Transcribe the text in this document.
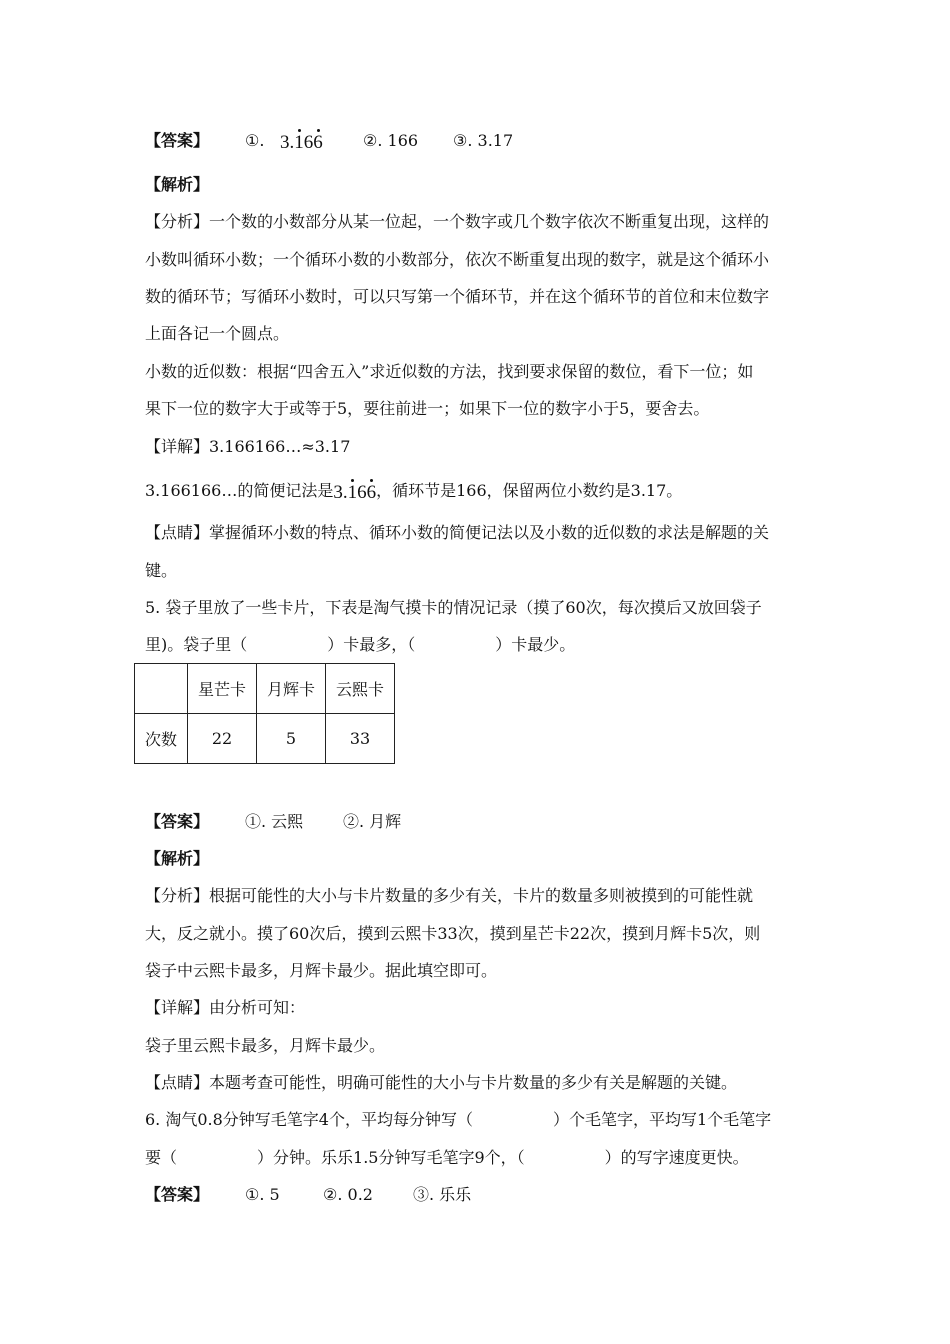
【答案】 ①. 3.166	②. 166 ③. 3.17
【解析】
【分析】一个数的小数部分从某一位起，一个数字或几个数字依次不断重复出现，这样的
小数叫循环小数；一个循环小数的小数部分，依次不断重复出现的数字，就是这个循环小
数的循环节；写循环小数时，可以只写第一个循环节，并在这个循环节的首位和末位数字
上面各记一个圆点。
小数的近似数：根据“四舍五入”求近似数的方法，找到要求保留的数位，看下一位；如
果下一位的数字大于或等于5，要往前进一；如果下一位的数字小于5，要舍去。
【详解】3.166166…≈3.17
3.166166…的简便记法是3.166，循环节是166，保留两位小数约是3.17。
【点睛】掌握循环小数的特点、循环小数的简便记法以及小数的近似数的求法是解题的关
键。
5. 袋子里放了一些卡片，下表是淘气摸卡的情况记录（摸了60次，每次摸后又放回袋子
里)。袋子里（	）卡最多，（	）卡最少。
	星芒卡	月辉卡	云熙卡
次数	22	5	33
【答案】 ①. 云熙 ②. 月辉
【解析】
【分析】根据可能性的大小与卡片数量的多少有关，卡片的数量多则被摸到的可能性就
大，反之就小。摸了60次后，摸到云熙卡33次，摸到星芒卡22次，摸到月辉卡5次，则
袋子中云熙卡最多，月辉卡最少。据此填空即可。
【详解】由分析可知：
袋子里云熙卡最多，月辉卡最少。
【点睛】本题考查可能性，明确可能性的大小与卡片数量的多少有关是解题的关键。
6. 淘气0.8分钟写毛笔字4个，平均每分钟写（	）个毛笔字，平均写1个毛笔字
要（	）分钟。乐乐1.5分钟写毛笔字9个，（	）的写字速度更快。
【答案】 ①. 5	②. 0.2	③. 乐乐
